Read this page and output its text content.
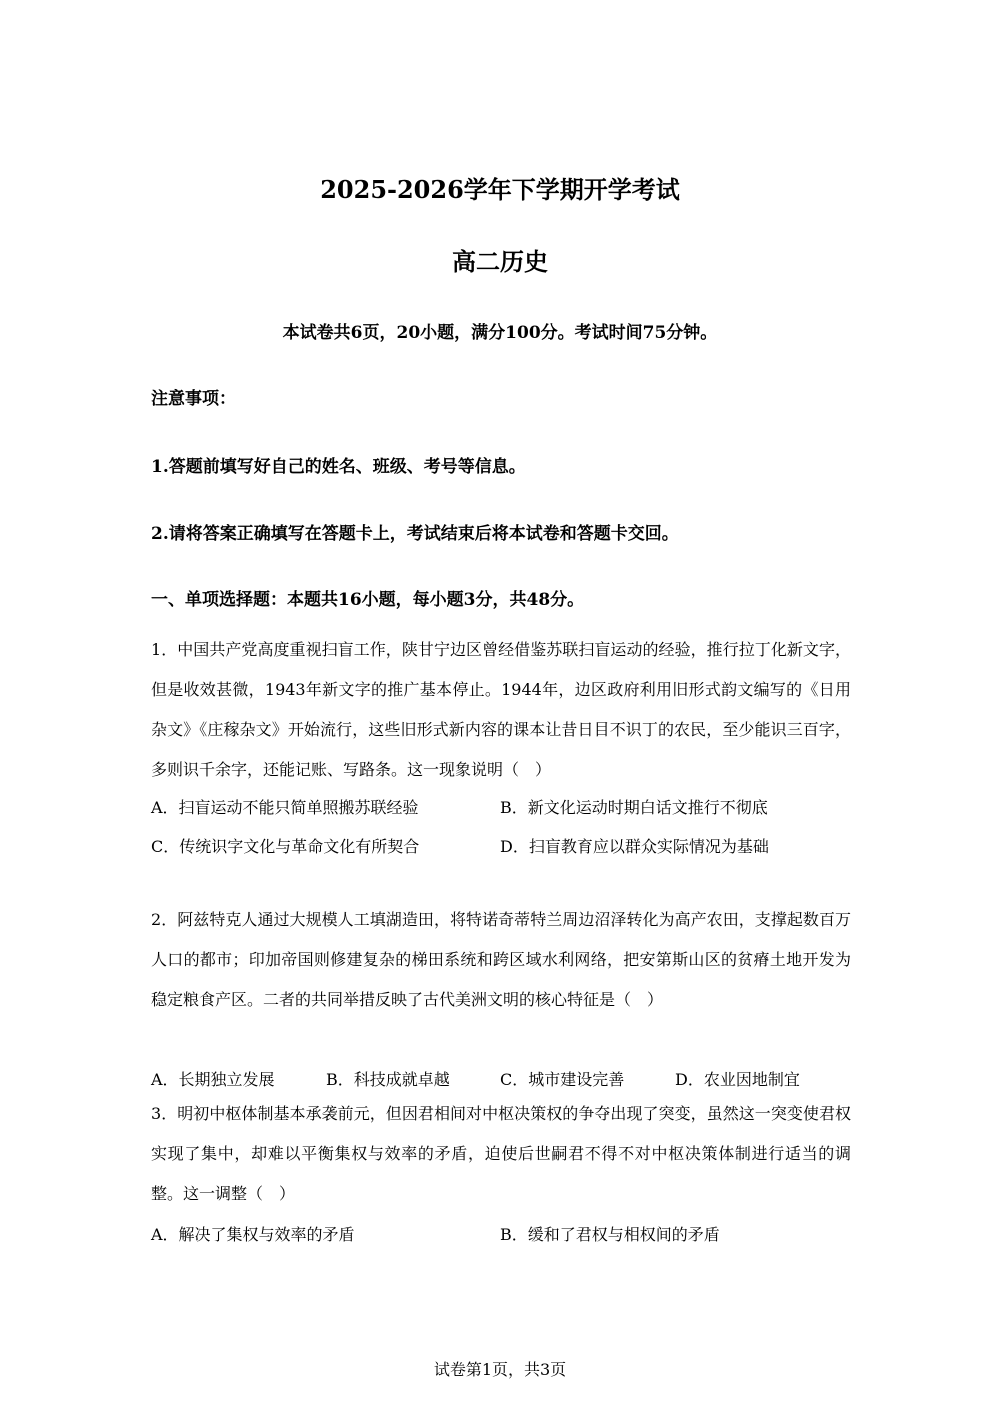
2025-2026学年下学期开学考试
高二历史
本试卷共6页，20小题，满分100分。考试时间75分钟。
注意事项：
1.答题前填写好自己的姓名、班级、考号等信息。
2.请将答案正确填写在答题卡上，考试结束后将本试卷和答题卡交回。
一、单项选择题：本题共16小题，每小题3分，共48分。
1．中国共产党高度重视扫盲工作，陕甘宁边区曾经借鉴苏联扫盲运动的经验，推行拉丁化新文字，但是收效甚微，1943年新文字的推广基本停止。1944年，边区政府利用旧形式韵文编写的《日用杂文》《庄稼杂文》开始流行，这些旧形式新内容的课本让昔日目不识丁的农民，至少能识三百字，多则识千余字，还能记账、写路条。这一现象说明（　）
A．扫盲运动不能只简单照搬苏联经验	B．新文化运动时期白话文推行不彻底
C．传统识字文化与革命文化有所契合	D．扫盲教育应以群众实际情况为基础
2．阿兹特克人通过大规模人工填湖造田，将特诺奇蒂特兰周边沼泽转化为高产农田，支撑起数百万人口的都市；印加帝国则修建复杂的梯田系统和跨区域水利网络，把安第斯山区的贫瘠土地开发为稳定粮食产区。二者的共同举措反映了古代美洲文明的核心特征是（　）
A．长期独立发展	B．科技成就卓越	C．城市建设完善	D．农业因地制宜
3．明初中枢体制基本承袭前元，但因君相间对中枢决策权的争夺出现了突变，虽然这一突变使君权实现了集中，却难以平衡集权与效率的矛盾，迫使后世嗣君不得不对中枢决策体制进行适当的调整。这一调整（　）
A．解决了集权与效率的矛盾	B．缓和了君权与相权间的矛盾
试卷第1页，共3页
